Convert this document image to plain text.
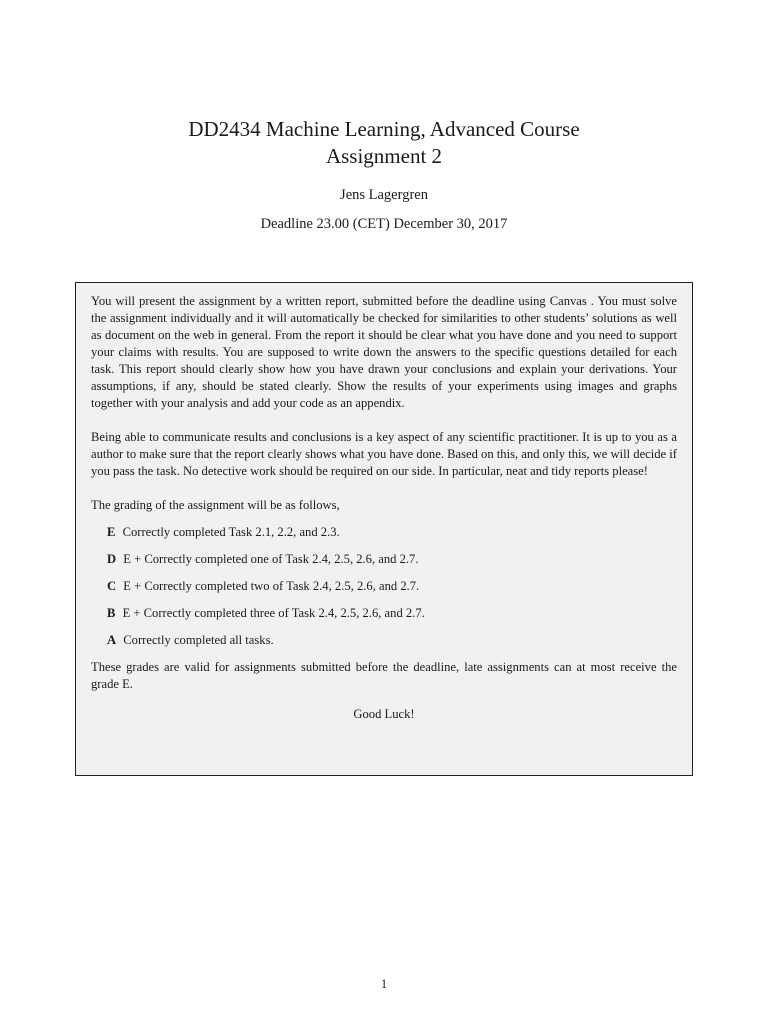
DD2434 Machine Learning, Advanced Course
Assignment 2
Jens Lagergren
Deadline 23.00 (CET) December 30, 2017

You will present the assignment by a written report, submitted before the deadline using Canvas . You must solve the assignment individually and it will automatically be checked for similarities to other students’ solutions as well as document on the web in general. From the report it should be clear what you have done and you need to support your claims with results. You are supposed to write down the answers to the specific questions detailed for each task. This report should clearly show how you have drawn your conclusions and explain your derivations. Your assumptions, if any, should be stated clearly. Show the results of your experiments using images and graphs together with your analysis and add your code as an appendix.

Being able to communicate results and conclusions is a key aspect of any scientific practitioner. It is up to you as a author to make sure that the report clearly shows what you have done. Based on this, and only this, we will decide if you pass the task. No detective work should be required on our side. In particular, neat and tidy reports please!

The grading of the assignment will be as follows,

E Correctly completed Task 2.1, 2.2, and 2.3.
D E + Correctly completed one of Task 2.4, 2.5, 2.6, and 2.7.
C E + Correctly completed two of Task 2.4, 2.5, 2.6, and 2.7.
B E + Correctly completed three of Task 2.4, 2.5, 2.6, and 2.7.
A Correctly completed all tasks.

These grades are valid for assignments submitted before the deadline, late assignments can at most receive the grade E.

Good Luck!
1
